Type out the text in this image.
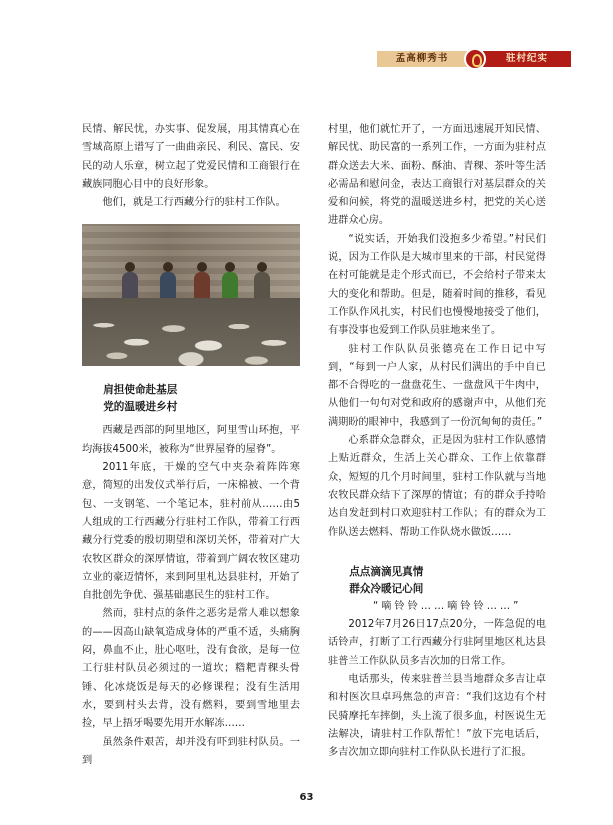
孟高柳秀书	驻村纪实

民情、解民忧，办实事、促发展，用其情真心在雪域高原上谱写了一曲曲亲民、利民、富民、安民的动人乐章，树立起了党爱民情和工商银行在藏族同胞心目中的良好形象。

他们，就是工行西藏分行的驻村工作队。

肩担使命赴基层

党的温暖进乡村

西藏是西部的阿里地区，阿里雪山环抱，平均海拔4500米，被称为“世界屋脊的屋脊”。

2011年底，干燥的空气中夹杂着阵阵寒意，简短的出发仪式举行后，一床棉被、一个背包、一支钢笔、一个笔记本，驻村前从……由5人组成的工行西藏分行驻村工作队，带着工行西藏分行党委的殷切期望和深切关怀，带着对广大农牧区群众的深厚情谊，带着到广阔农牧区建功立业的豪迈情怀，来到阿里札达县驻村，开始了自批创先争优、强基础惠民生的驻村工作。

然而，驻村点的条件之恶劣是常人难以想象的——因高山缺氧造成身体的严重不适，头痛胸闷，鼻血不止，肚心呕吐，没有食欲，是每一位工行驻村队员必须过的一道坎；糌粑青稞头骨锤、化冰烧饭是每天的必修课程；没有生活用水，要到村头去背，没有燃料，要到雪地里去捡，早上捂牙喝要先用开水解冻……

虽然条件艰苦，却并没有吓到驻村队员。一到

村里，他们就忙开了，一方面迅速展开知民情、解民忧、助民富的一系列工作，一方面为驻村点群众送去大米、面粉、酥油、青稞、茶叶等生活必需品和慰问金，表达工商银行对基层群众的关爱和问候，将党的温暖送进乡村，把党的关心送进群众心房。

“说实话，开始我们没抱多少希望。”村民们说，因为工作队是大城市里来的干部，村民觉得在村可能就是走个形式而已，不会给村子带来太大的变化和帮助。但是，随着时间的推移，看见工作队作风扎实，村民们也慢慢地接受了他们，有事没事也爱到工作队员驻地来坐了。

驻村工作队队员张德亮在工作日记中写到，“每到一户人家，从村民们满出的手中自已都不合得吃的一盘盘花生、一盘盘风干牛肉中，从他们一句句对党和政府的感谢声中，从他们充满期盼的眼神中，我感到了一份沉甸甸的责任。”

心系群众急群众，正是因为驻村工作队感情上贴近群众，生活上关心群众、工作上依靠群众，短短的几个月时间里，驻村工作队就与当地农牧民群众结下了深厚的情谊；有的群众手持哈达自发赶到村口欢迎驻村工作队；有的群众为工作队送去燃料、帮助工作队烧水做饭……

点点滴滴见真情

群众冷暖记心间

“嘀铃铃……嘀铃铃……”

2012年7月26日17点20分，一阵急促的电话铃声，打断了工行西藏分行驻阿里地区札达县驻普兰工作队队员多吉次加的日常工作。

电话那头，传来驻普兰县当地群众多吉让卓和村医次旦卓玛焦急的声音：“我们这边有个村民骑摩托车摔倒，头上流了很多血，村医说生无法解决，请驻村工作队帮忙！”放下完电话后，多吉次加立即向驻村工作队队长进行了汇报。

63
